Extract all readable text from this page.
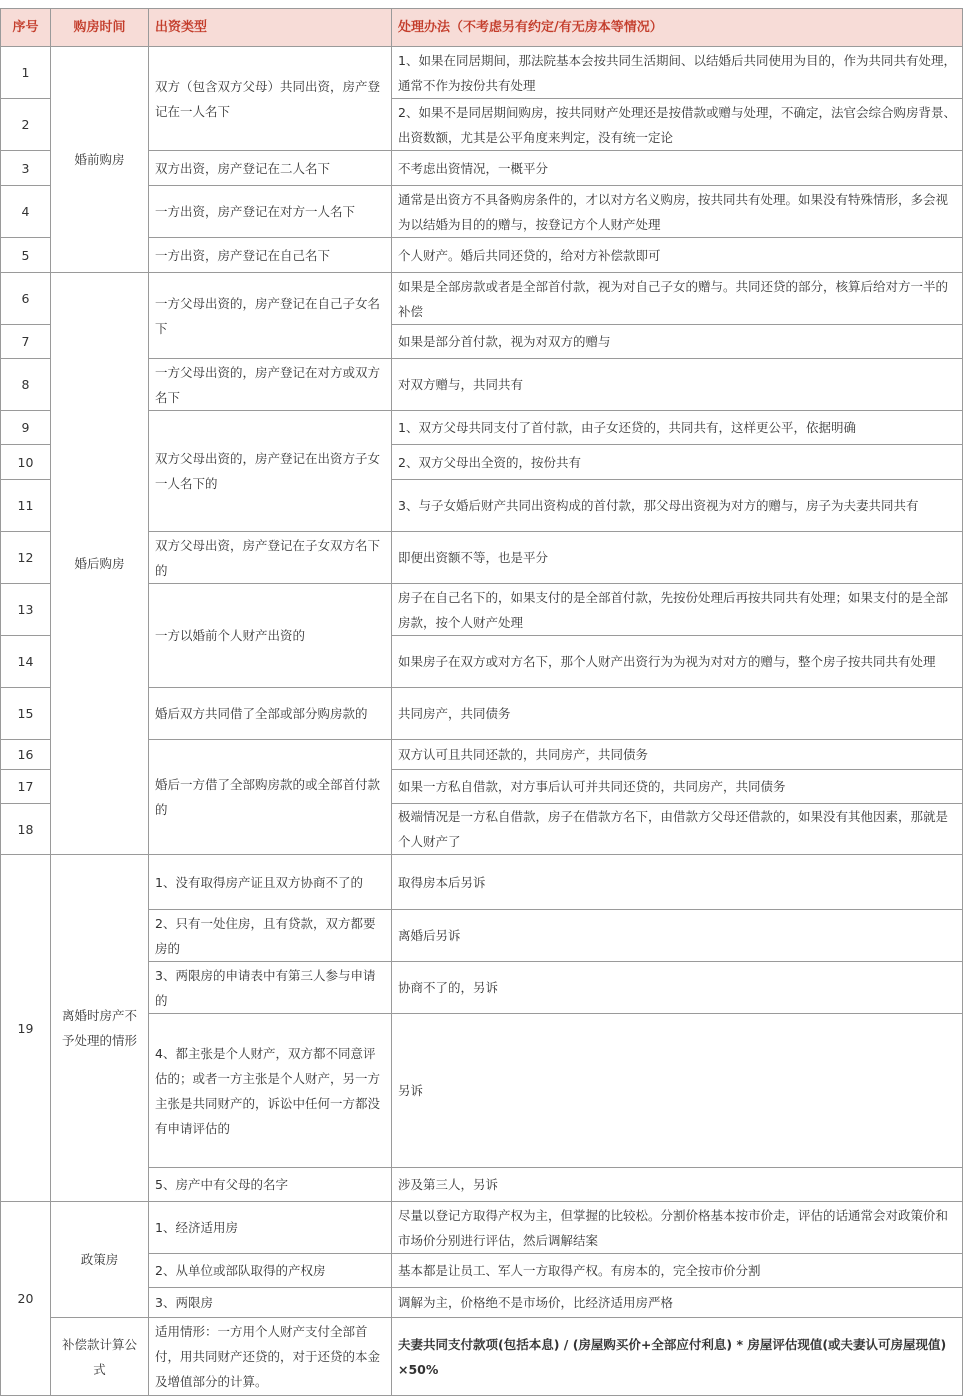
序号	购房时间	出资类型	处理办法（不考虑另有约定/有无房本等情况）
1	婚前购房	双方（包含双方父母）共同出资，房产登记在一人名下	1、如果在同居期间，那法院基本会按共同生活期间、以结婚后共同使用为目的，作为共同共有处理，通常不作为按份共有处理
2			2、如果不是同居期间购房，按共同财产处理还是按借款或赠与处理，不确定，法官会综合购房背景、出资数额，尤其是公平角度来判定，没有统一定论
3		双方出资，房产登记在二人名下	不考虑出资情况，一概平分
4		一方出资，房产登记在对方一人名下	通常是出资方不具备购房条件的，才以对方名义购房，按共同共有处理。如果没有特殊情形，多会视为以结婚为目的的赠与，按登记方个人财产处理
5		一方出资，房产登记在自己名下	个人财产。婚后共同还贷的，给对方补偿款即可
6	婚后购房	一方父母出资的，房产登记在自己子女名下	如果是全部房款或者是全部首付款，视为对自己子女的赠与。共同还贷的部分，核算后给对方一半的补偿
7			如果是部分首付款，视为对双方的赠与
8		一方父母出资的，房产登记在对方或双方名下	对双方赠与，共同共有
9		双方父母出资的，房产登记在出资方子女一人名下的	1、双方父母共同支付了首付款，由子女还贷的，共同共有，这样更公平，依据明确
10			2、双方父母出全资的，按份共有
11			3、与子女婚后财产共同出资构成的首付款，那父母出资视为对方的赠与，房子为夫妻共同共有
12		双方父母出资，房产登记在子女双方名下的	即便出资额不等，也是平分
13		一方以婚前个人财产出资的	房子在自己名下的，如果支付的是全部首付款，先按份处理后再按共同共有处理；如果支付的是全部房款，按个人财产处理
14			如果房子在双方或对方名下，那个人财产出资行为为视为对对方的赠与，整个房子按共同共有处理
15		婚后双方共同借了全部或部分购房款的	共同房产，共同债务
16		婚后一方借了全部购房款的或全部首付款的	双方认可且共同还款的，共同房产，共同债务
17			如果一方私自借款，对方事后认可并共同还贷的，共同房产，共同债务
18			极端情况是一方私自借款，房子在借款方名下，由借款方父母还借款的，如果没有其他因素，那就是个人财产了
19	离婚时房产不予处理的情形	1、没有取得房产证且双方协商不了的	取得房本后另诉
		2、只有一处住房，且有贷款，双方都要房的	离婚后另诉
		3、两限房的申请表中有第三人参与申请的	协商不了的，另诉
		4、都主张是个人财产，双方都不同意评估的；或者一方主张是个人财产，另一方主张是共同财产的，诉讼中任何一方都没有申请评估的	另诉
		5、房产中有父母的名字	涉及第三人，另诉
20	政策房	1、经济适用房	尽量以登记方取得产权为主，但掌握的比较松。分割价格基本按市价走，评估的话通常会对政策价和市场价分别进行评估，然后调解结案
		2、从单位或部队取得的产权房	基本都是让员工、军人一方取得产权。有房本的，完全按市价分割
		3、两限房	调解为主，价格绝不是市场价，比经济适用房严格
	补偿款计算公式	适用情形：一方用个人财产支付全部首付，用共同财产还贷的，对于还贷的本金及增值部分的计算。	夫妻共同支付款项(包括本息) / (房屋购买价+全部应付利息) * 房屋评估现值(或夫妻认可房屋现值)×50%
